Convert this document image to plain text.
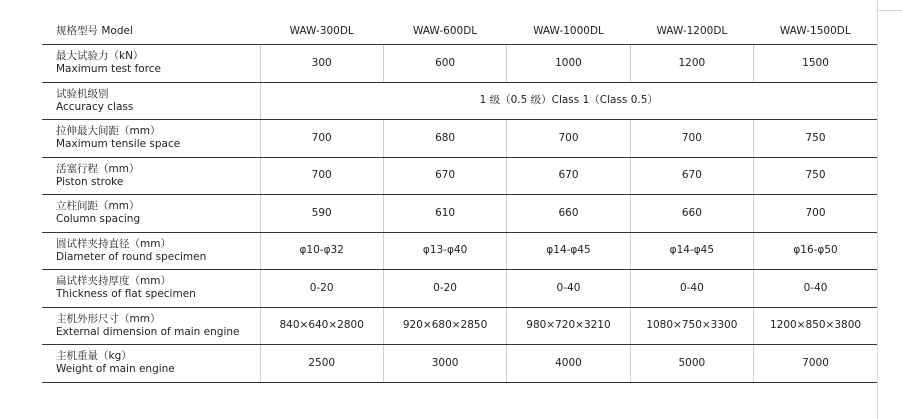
规格型号 Model	WAW-300DL	WAW-600DL	WAW-1000DL	WAW-1200DL	WAW-1500DL

最大试验力（kN）
Maximum test force	300	600	1000	1200	1500

试验机级别
Accuracy class	1 级（0.5 级）Class 1（Class 0.5）				

拉伸最大间距（mm）
Maximum tensile space	700	680	700	700	750

活塞行程（mm）
Piston stroke	700	670	670	670	750

立柱间距（mm）
Column spacing	590	610	660	660	700

圆试样夹持直径（mm）
Diameter of round specimen	φ10-φ32	φ13-φ40	φ14-φ45	φ14-φ45	φ16-φ50

扁试样夹持厚度（mm）
Thickness of flat specimen	0-20	0-20	0-40	0-40	0-40

主机外形尺寸（mm）
External dimension of main engine	840×640×2800	920×680×2850	980×720×3210	1080×750×3300	1200×850×3800

主机重量（kg）
Weight of main engine	2500	3000	4000	5000	7000
